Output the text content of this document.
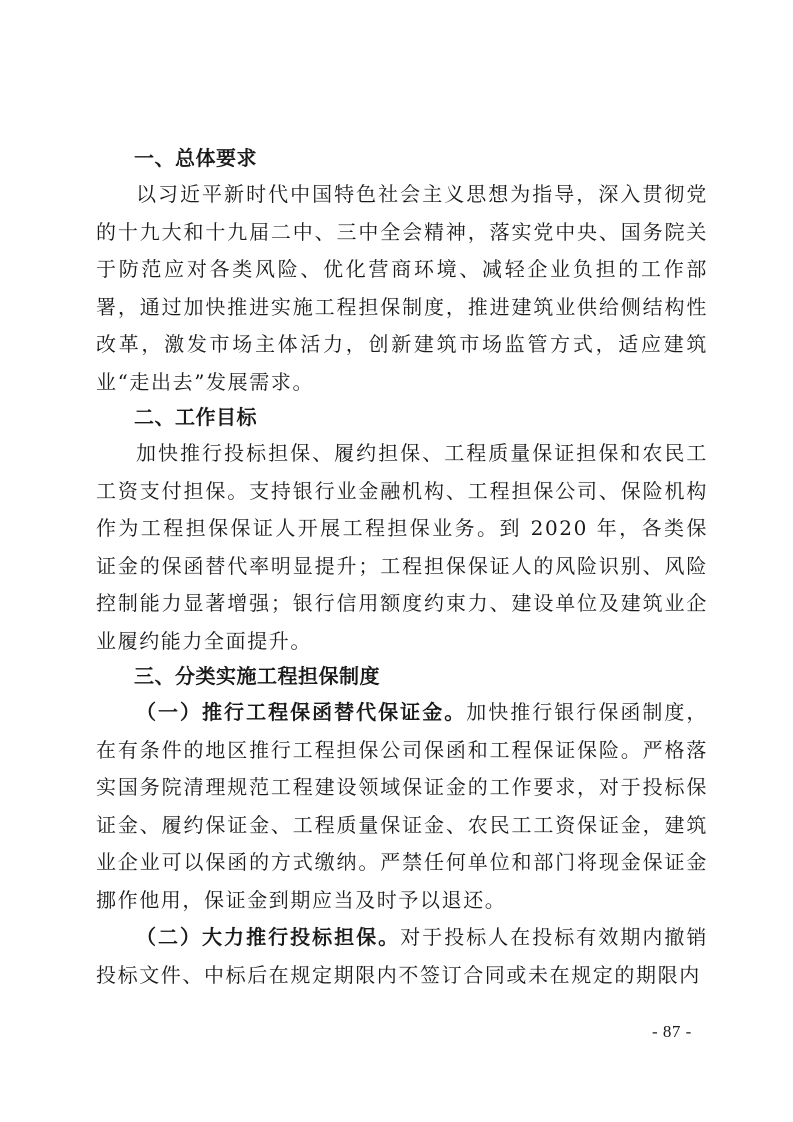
一、总体要求

以习近平新时代中国特色社会主义思想为指导，深入贯彻党的十九大和十九届二中、三中全会精神，落实党中央、国务院关于防范应对各类风险、优化营商环境、减轻企业负担的工作部署，通过加快推进实施工程担保制度，推进建筑业供给侧结构性改革，激发市场主体活力，创新建筑市场监管方式，适应建筑业“走出去”发展需求。

二、工作目标

加快推行投标担保、履约担保、工程质量保证担保和农民工工资支付担保。支持银行业金融机构、工程担保公司、保险机构作为工程担保保证人开展工程担保业务。到 2020 年，各类保证金的保函替代率明显提升；工程担保保证人的风险识别、风险控制能力显著增强；银行信用额度约束力、建设单位及建筑业企业履约能力全面提升。

三、分类实施工程担保制度

（一）推行工程保函替代保证金。加快推行银行保函制度，在有条件的地区推行工程担保公司保函和工程保证保险。严格落实国务院清理规范工程建设领域保证金的工作要求，对于投标保证金、履约保证金、工程质量保证金、农民工工资保证金，建筑业企业可以保函的方式缴纳。严禁任何单位和部门将现金保证金挪作他用，保证金到期应当及时予以退还。

（二）大力推行投标担保。对于投标人在投标有效期内撤销投标文件、中标后在规定期限内不签订合同或未在规定的期限内

- 87 -
